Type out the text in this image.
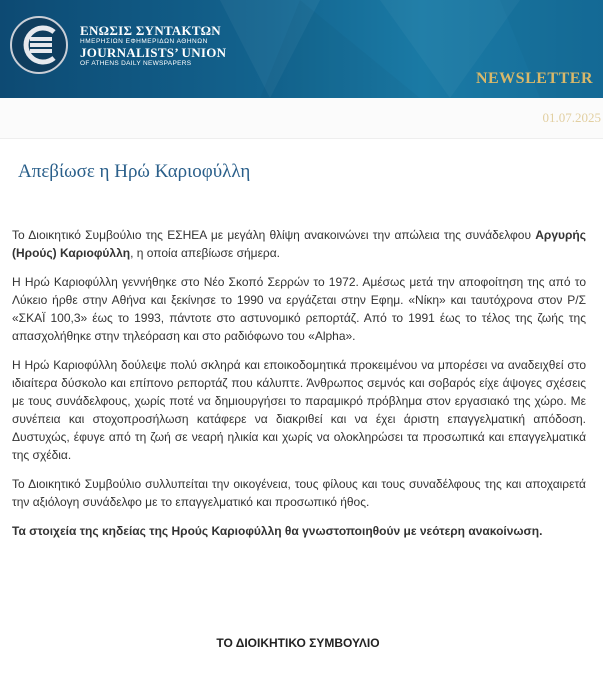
ΕΝΩΣΙΣ ΣΥΝΤΑΚΤΩΝ
ΗΜΕΡΗΣΙΩΝ ΕΦΗΜΕΡΙΔΩΝ ΑΘΗΝΩΝ
JOURNALISTS’ UNION
OF ATHENS DAILY NEWSPAPERS
NEWSLETTER
01.07.2025
Απεβίωσε η Ηρώ Καριοφύλλη

Το Διοικητικό Συμβούλιο της ΕΣΗΕΑ με μεγάλη θλίψη ανακοινώνει την απώλεια της συνάδελφου Αργυρής (Ηρούς) Καριοφύλλη, η οποία απεβίωσε σήμερα.

Η Ηρώ Καριοφύλλη γεννήθηκε στο Νέο Σκοπό Σερρών το 1972. Αμέσως μετά την αποφοίτηση της από το Λύκειο ήρθε στην Αθήνα και ξεκίνησε το 1990 να εργάζεται στην Εφημ. «Νίκη» και ταυτόχρονα στον Ρ/Σ «ΣΚΑΪ 100,3» έως το 1993, πάντοτε στο αστυνομικό ρεπορτάζ. Από το 1991 έως το τέλος της ζωής της απασχολήθηκε στην τηλεόραση και στο ραδιόφωνο του «Alpha».

Η Ηρώ Καριοφύλλη δούλεψε πολύ σκληρά και εποικοδομητικά προκειμένου να μπορέσει να αναδειχθεί στο ιδιαίτερα δύσκολο και επίπονο ρεπορτάζ που κάλυπτε. Άνθρωπος σεμνός και σοβαρός είχε άψογες σχέσεις με τους συνάδελφους, χωρίς ποτέ να δημιουργήσει το παραμικρό πρόβλημα στον εργασιακό της χώρο. Με συνέπεια και στοχοπροσήλωση κατάφερε να διακριθεί και να έχει άριστη επαγγελματική απόδοση. Δυστυχώς, έφυγε από τη ζωή σε νεαρή ηλικία και χωρίς να ολοκληρώσει τα προσωπικά και επαγγελματικά της σχέδια.

Το Διοικητικό Συμβούλιο συλλυπείται την οικογένεια, τους φίλους και τους συναδέλφους της και αποχαιρετά την αξιόλογη συνάδελφο με το επαγγελματικό και προσωπικό ήθος.

Τα στοιχεία της κηδείας της Ηρούς Καριοφύλλη θα γνωστοποιηθούν με νεότερη ανακοίνωση.

ΤΟ ΔΙΟΙΚΗΤΙΚΟ ΣΥΜΒΟΥΛΙΟ
